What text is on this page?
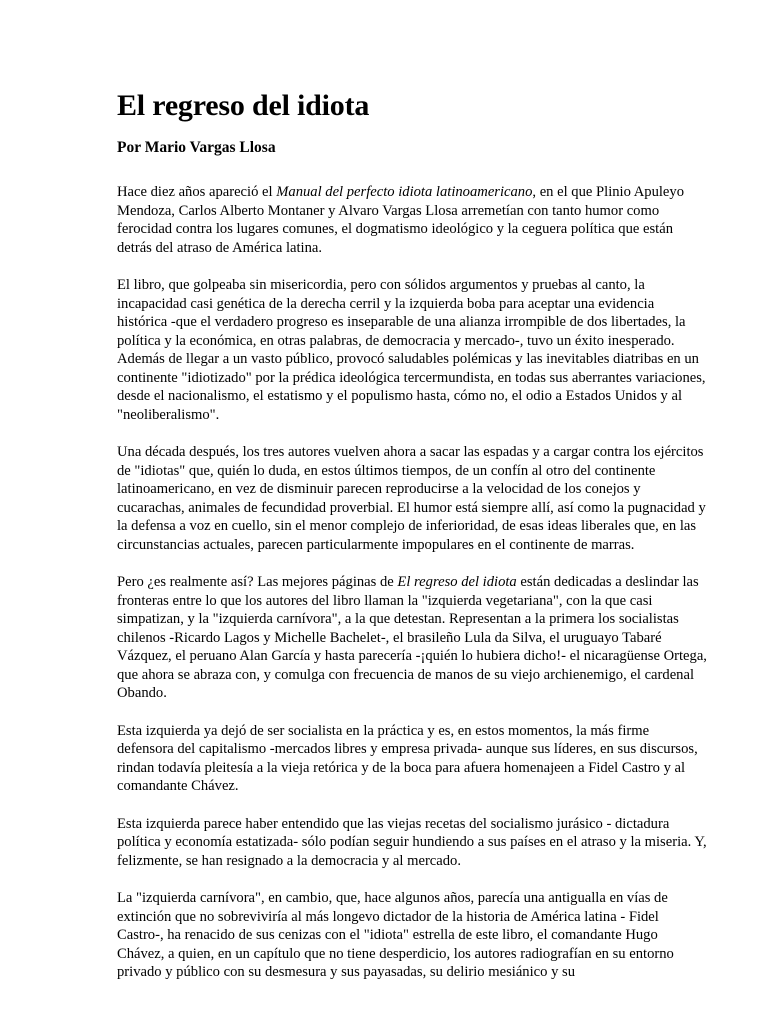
El regreso del idiota
Por Mario Vargas Llosa

Hace diez años apareció el Manual del perfecto idiota latinoamericano, en el que Plinio Apuleyo Mendoza, Carlos Alberto Montaner y Alvaro Vargas Llosa arremetían con tanto humor como ferocidad contra los lugares comunes, el dogmatismo ideológico y la ceguera política que están detrás del atraso de América latina.

El libro, que golpeaba sin misericordia, pero con sólidos argumentos y pruebas al canto, la incapacidad casi genética de la derecha cerril y la izquierda boba para aceptar una evidencia histórica -que el verdadero progreso es inseparable de una alianza irrompible de dos libertades, la política y la económica, en otras palabras, de democracia y mercado-, tuvo un éxito inesperado. Además de llegar a un vasto público, provocó saludables polémicas y las inevitables diatribas en un continente "idiotizado" por la prédica ideológica tercermundista, en todas sus aberrantes variaciones, desde el nacionalismo, el estatismo y el populismo hasta, cómo no, el odio a Estados Unidos y al "neoliberalismo".

Una década después, los tres autores vuelven ahora a sacar las espadas y a cargar contra los ejércitos de "idiotas" que, quién lo duda, en estos últimos tiempos, de un confín al otro del continente latinoamericano, en vez de disminuir parecen reproducirse a la velocidad de los conejos y cucarachas, animales de fecundidad proverbial. El humor está siempre allí, así como la pugnacidad y la defensa a voz en cuello, sin el menor complejo de inferioridad, de esas ideas liberales que, en las circunstancias actuales, parecen particularmente impopulares en el continente de marras.

Pero ¿es realmente así? Las mejores páginas de El regreso del idiota están dedicadas a deslindar las fronteras entre lo que los autores del libro llaman la "izquierda vegetariana", con la que casi simpatizan, y la "izquierda carnívora", a la que detestan. Representan a la primera los socialistas chilenos -Ricardo Lagos y Michelle Bachelet-, el brasileño Lula da Silva, el uruguayo Tabaré Vázquez, el peruano Alan García y hasta parecería -¡quién lo hubiera dicho!- el nicaragüense Ortega, que ahora se abraza con, y comulga con frecuencia de manos de su viejo archienemigo, el cardenal Obando.

Esta izquierda ya dejó de ser socialista en la práctica y es, en estos momentos, la más firme defensora del capitalismo -mercados libres y empresa privada- aunque sus líderes, en sus discursos, rindan todavía pleitesía a la vieja retórica y de la boca para afuera homenajeen a Fidel Castro y al comandante Chávez.

Esta izquierda parece haber entendido que las viejas recetas del socialismo jurásico - dictadura política y economía estatizada- sólo podían seguir hundiendo a sus países en el atraso y la miseria. Y, felizmente, se han resignado a la democracia y al mercado.

La "izquierda carnívora", en cambio, que, hace algunos años, parecía una antigualla en vías de extinción que no sobreviviría al más longevo dictador de la historia de América latina - Fidel Castro-, ha renacido de sus cenizas con el "idiota" estrella de este libro, el comandante Hugo Chávez, a quien, en un capítulo que no tiene desperdicio, los autores radiografían en su entorno privado y público con su desmesura y sus payasadas, su delirio mesiánico y su
